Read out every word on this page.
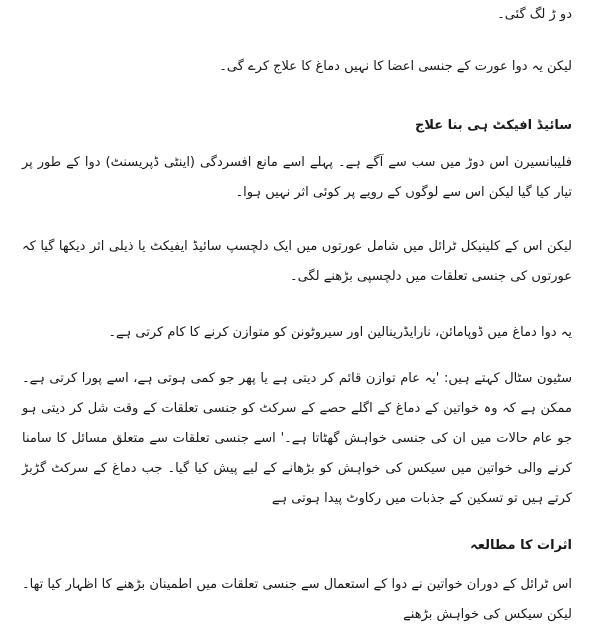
دو ڑ لگ گئی۔

لیکن یہ دوا عورت کے جنسی اعضا کا نہیں دماغ کا علاج کرے گی۔

سائیڈ افیکٹ ہی بنا علاج

فلیبانسیرن اس دوڑ میں سب سے آگے ہے۔ پہلے اسے مانع افسردگی (اینٹی ڈپریسنٹ) دوا کے طور پر تیار کیا گیا لیکن اس سے لوگوں کے رویے پر کوئی اثر نہیں ہوا۔

لیکن اس کے کلینیکل ٹرائل میں شامل عورتوں میں ایک دلچسپ سائیڈ ایفیکٹ یا ذیلی اثر دیکھا گیا کہ عورتوں کی جنسی تعلقات میں دلچسپی بڑھنے لگی۔

یہ دوا دماغ میں ڈوپامائن، نارایڈرینالین اور سیروٹونن کو متوازن کرنے کا کام کرتی ہے۔

سٹیون سٹال کہتے ہیں: 'یہ عام توازن قائم کر دیتی ہے یا پھر جو کمی ہوتی ہے، اسے پورا کرتی ہے۔ ممکن ہے کہ وہ خواتین کے دماغ کے اگلے حصے کے سرکٹ کو جنسی تعلقات کے وقت شل کر دیتی ہو جو عام حالات میں ان کی جنسی خواہش گھٹاتا ہے۔' اسے جنسی تعلقات سے متعلق مسائل کا سامنا کرنے والی خواتین میں سیکس کی خواہش کو بڑھانے کے لیے پیش کیا گیا۔ جب دماغ کے سرکٹ گڑبڑ کرتے ہیں تو تسکین کے جذبات میں رکاوٹ پیدا ہوتی ہے

اثرات کا مطالعہ

اس ٹرائل کے دوران خواتین نے دوا کے استعمال سے جنسی تعلقات میں اطمینان بڑھنے کا اظہار کیا تھا۔ لیکن سیکس کی خواہش بڑھنے
